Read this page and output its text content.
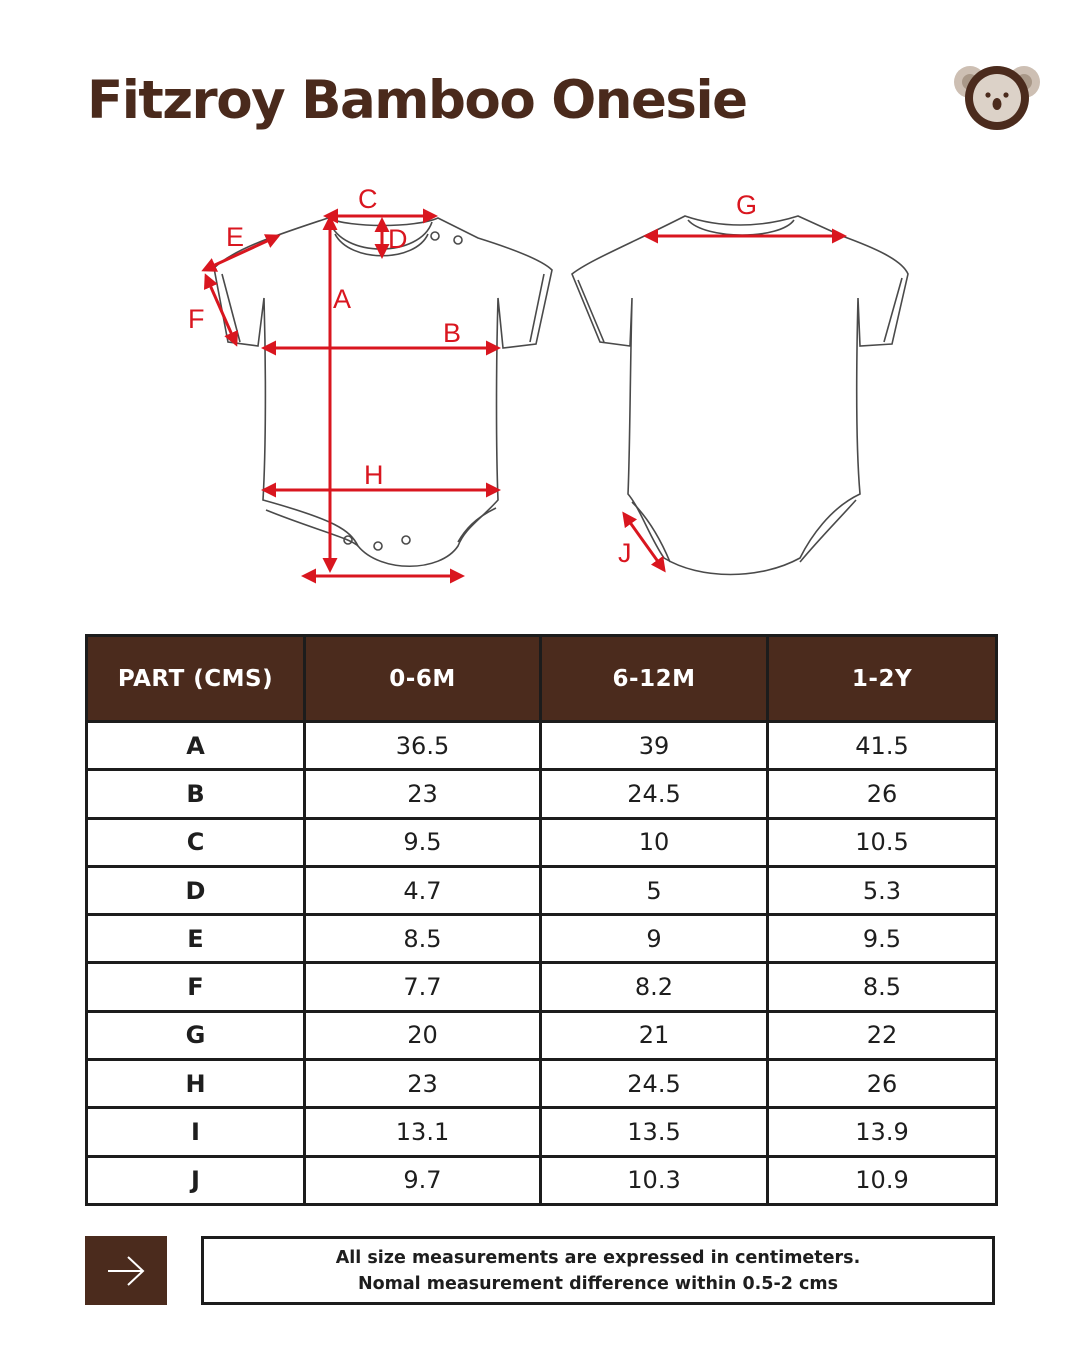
Fitzroy Bamboo Onesie
A
B
C
D
E
F
G
H
J
PART (CMS)	0-6M	6-12M	1-2Y
A	36.5	39	41.5
B	23	24.5	26
C	9.5	10	10.5
D	4.7	5	5.3
E	8.5	9	9.5
F	7.7	8.2	8.5
G	20	21	22
H	23	24.5	26
I	13.1	13.5	13.9
J	9.7	10.3	10.9
All size measurements are expressed in centimeters.
Nomal measurement difference within 0.5-2 cms
